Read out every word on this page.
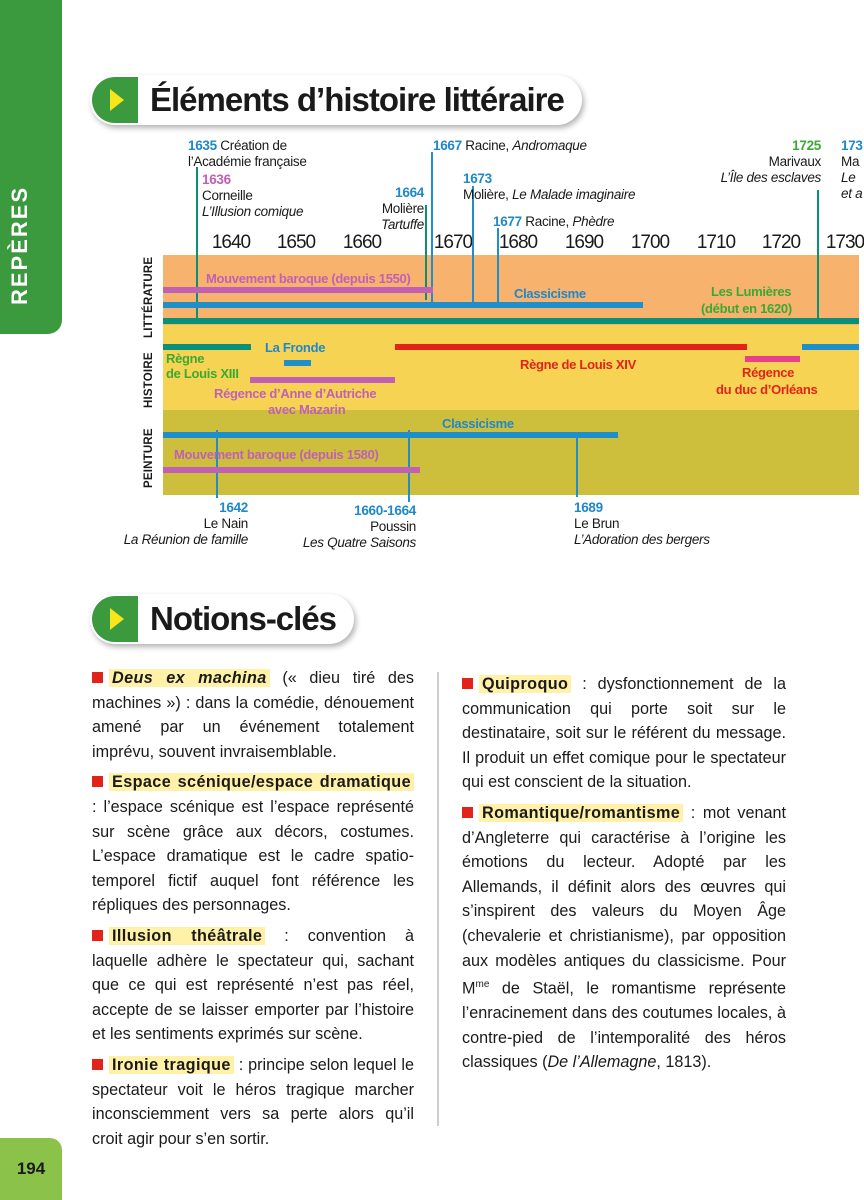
REPÈRES
194
Éléments d’histoire littéraire
LITTÉRATURE
HISTOIRE
PEINTURE
1640 1650 1660	1670 1680 1690 1700 1710 1720 1730
Mouvement baroque (depuis 1550)
Classicisme	Les Lumières
(début en 1620)
Règne
de Louis XIII
La Fronde
Régence d’Anne d’Autriche
avec Mazarin
Règne de Louis XIV
Régence
du duc d’Orléans
Classicisme
Mouvement baroque (depuis 1580)
1635 Création de
l’Académie française
1636
Corneille
L’Illusion comique
1664
Molière
Tartuffe
1667 Racine, Andromaque
1673
Molière, Le Malade imaginaire
1677 Racine, Phèdre
1725
Marivaux
L’Île des esclaves
173
Ma
Le
et a
1642
Le Nain
La Réunion de famille
1660-1664
Poussin
Les Quatre Saisons
1689
Le Brun
L’Adoration des bergers
Notions-clés

Deus ex machina (« dieu tiré des machines ») : dans la comédie, dénouement amené par un événement totalement imprévu, souvent invraisemblable.

Espace scénique/espace dramatique : l’espace scénique est l’espace représenté sur scène grâce aux décors, costumes. L’espace dramatique est le cadre spatio-temporel fictif auquel font référence les répliques des personnages.

Illusion théâtrale : convention à laquelle adhère le spectateur qui, sachant que ce qui est représenté n’est pas réel, accepte de se laisser emporter par l’histoire et les sentiments exprimés sur scène.

Ironie tragique : principe selon lequel le spectateur voit le héros tragique marcher inconsciemment vers sa perte alors qu’il croit agir pour s’en sortir.

Quiproquo : dysfonctionnement de la communication qui porte soit sur le destinataire, soit sur le référent du message. Il produit un effet comique pour le spectateur qui est conscient de la situation.

Romantique/romantisme : mot venant d’Angleterre qui caractérise à l’origine les émotions du lecteur. Adopté par les Allemands, il définit alors des œuvres qui s’inspirent des valeurs du Moyen Âge (chevalerie et christianisme), par opposition aux modèles antiques du classicisme. Pour $M^{me}$ de Staël, le romantisme représente l’enracinement dans des coutumes locales, à contre-pied de l’intemporalité des héros classiques (De l’Allemagne, 1813).
